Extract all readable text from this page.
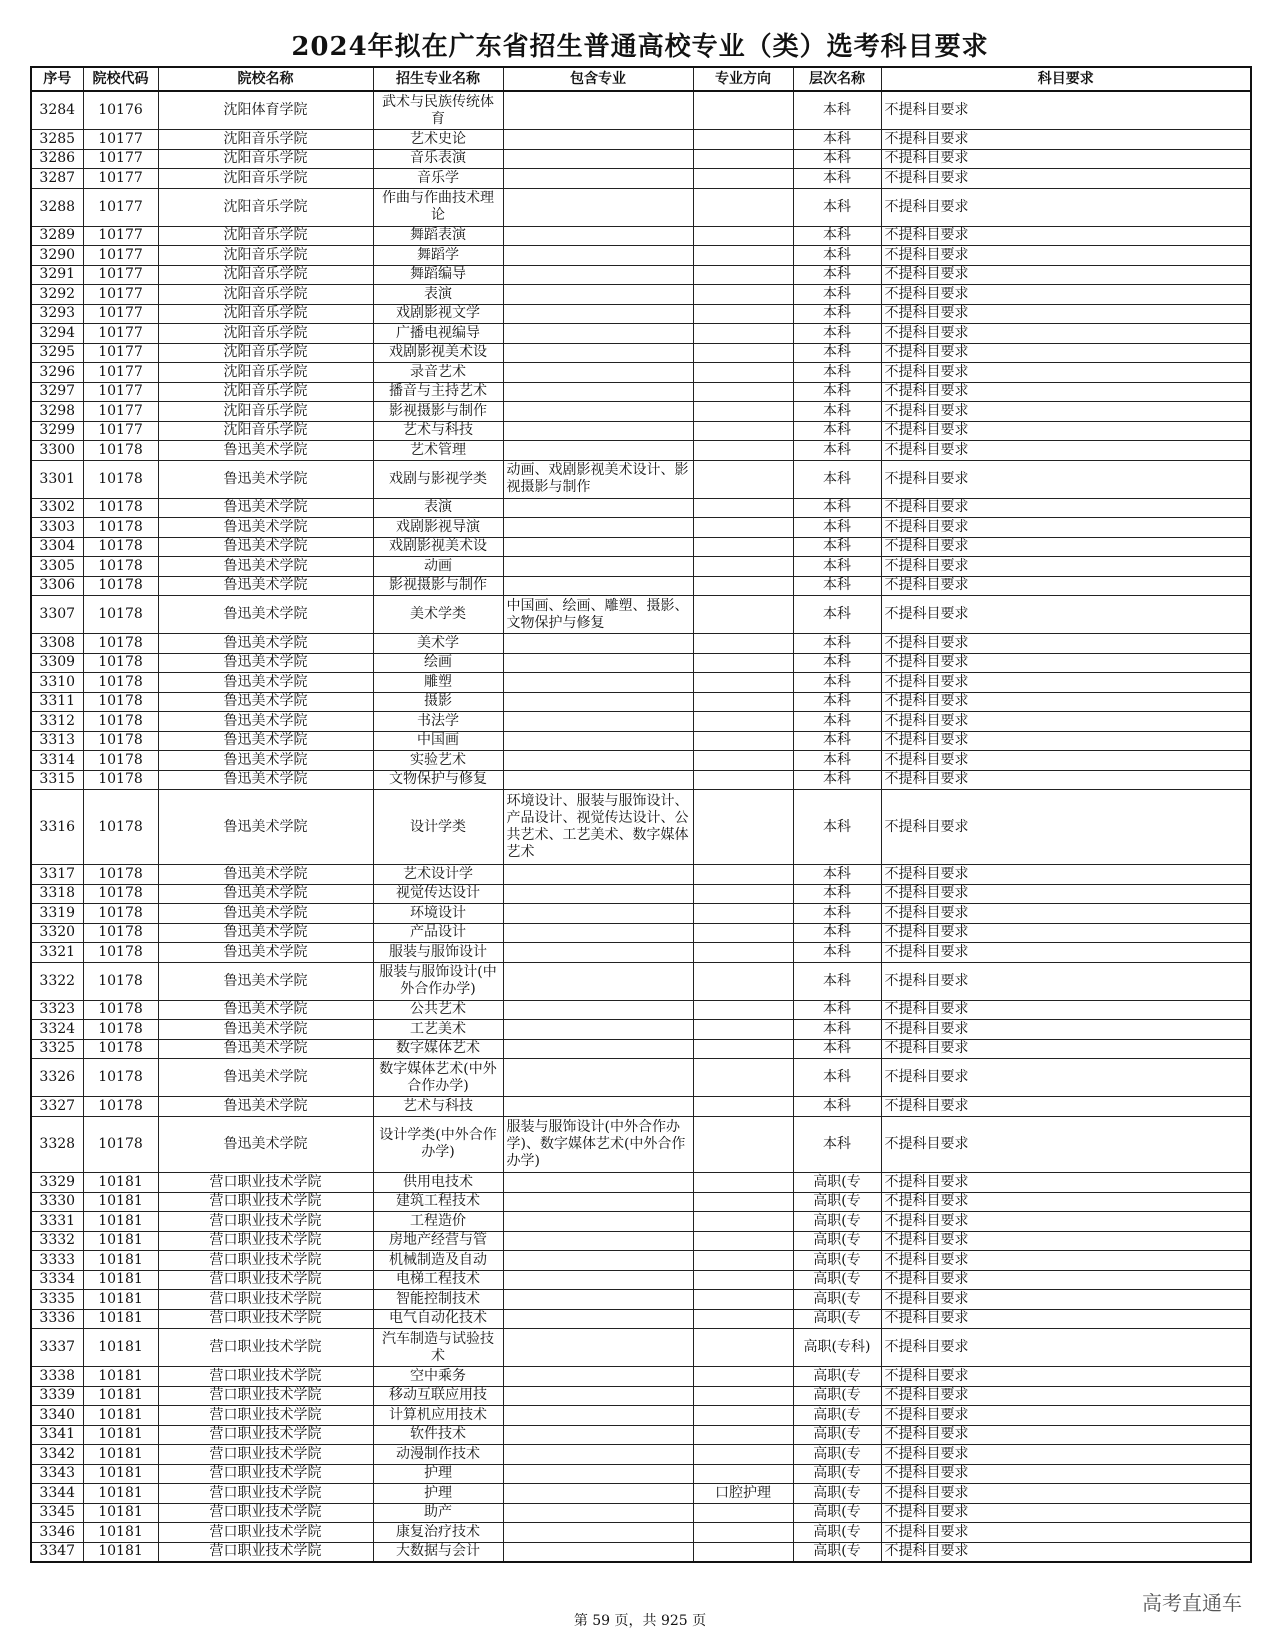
2024年拟在广东省招生普通高校专业（类）选考科目要求
序号	院校代码	院校名称	招生专业名称	包含专业	专业方向	层次名称	科目要求
3284	10176	沈阳体育学院	武术与民族传统体育			本科	不提科目要求
3285	10177	沈阳音乐学院	艺术史论			本科	不提科目要求
3286	10177	沈阳音乐学院	音乐表演			本科	不提科目要求
3287	10177	沈阳音乐学院	音乐学			本科	不提科目要求
3288	10177	沈阳音乐学院	作曲与作曲技术理论			本科	不提科目要求
3289	10177	沈阳音乐学院	舞蹈表演			本科	不提科目要求
3290	10177	沈阳音乐学院	舞蹈学			本科	不提科目要求
3291	10177	沈阳音乐学院	舞蹈编导			本科	不提科目要求
3292	10177	沈阳音乐学院	表演			本科	不提科目要求
3293	10177	沈阳音乐学院	戏剧影视文学			本科	不提科目要求
3294	10177	沈阳音乐学院	广播电视编导			本科	不提科目要求
3295	10177	沈阳音乐学院	戏剧影视美术设			本科	不提科目要求
3296	10177	沈阳音乐学院	录音艺术			本科	不提科目要求
3297	10177	沈阳音乐学院	播音与主持艺术			本科	不提科目要求
3298	10177	沈阳音乐学院	影视摄影与制作			本科	不提科目要求
3299	10177	沈阳音乐学院	艺术与科技			本科	不提科目要求
3300	10178	鲁迅美术学院	艺术管理			本科	不提科目要求
3301	10178	鲁迅美术学院	戏剧与影视学类	动画、戏剧影视美术设计、影视摄影与制作		本科	不提科目要求
3302	10178	鲁迅美术学院	表演			本科	不提科目要求
3303	10178	鲁迅美术学院	戏剧影视导演			本科	不提科目要求
3304	10178	鲁迅美术学院	戏剧影视美术设			本科	不提科目要求
3305	10178	鲁迅美术学院	动画			本科	不提科目要求
3306	10178	鲁迅美术学院	影视摄影与制作			本科	不提科目要求
3307	10178	鲁迅美术学院	美术学类	中国画、绘画、雕塑、摄影、文物保护与修复		本科	不提科目要求
3308	10178	鲁迅美术学院	美术学			本科	不提科目要求
3309	10178	鲁迅美术学院	绘画			本科	不提科目要求
3310	10178	鲁迅美术学院	雕塑			本科	不提科目要求
3311	10178	鲁迅美术学院	摄影			本科	不提科目要求
3312	10178	鲁迅美术学院	书法学			本科	不提科目要求
3313	10178	鲁迅美术学院	中国画			本科	不提科目要求
3314	10178	鲁迅美术学院	实验艺术			本科	不提科目要求
3315	10178	鲁迅美术学院	文物保护与修复			本科	不提科目要求
3316	10178	鲁迅美术学院	设计学类	环境设计、服装与服饰设计、产品设计、视觉传达设计、公共艺术、工艺美术、数字媒体艺术		本科	不提科目要求
3317	10178	鲁迅美术学院	艺术设计学			本科	不提科目要求
3318	10178	鲁迅美术学院	视觉传达设计			本科	不提科目要求
3319	10178	鲁迅美术学院	环境设计			本科	不提科目要求
3320	10178	鲁迅美术学院	产品设计			本科	不提科目要求
3321	10178	鲁迅美术学院	服装与服饰设计			本科	不提科目要求
3322	10178	鲁迅美术学院	服装与服饰设计(中外合作办学)			本科	不提科目要求
3323	10178	鲁迅美术学院	公共艺术			本科	不提科目要求
3324	10178	鲁迅美术学院	工艺美术			本科	不提科目要求
3325	10178	鲁迅美术学院	数字媒体艺术			本科	不提科目要求
3326	10178	鲁迅美术学院	数字媒体艺术(中外合作办学)			本科	不提科目要求
3327	10178	鲁迅美术学院	艺术与科技			本科	不提科目要求
3328	10178	鲁迅美术学院	设计学类(中外合作办学)	服装与服饰设计(中外合作办学)、数字媒体艺术(中外合作办学)		本科	不提科目要求
3329	10181	营口职业技术学院	供用电技术			高职(专	不提科目要求
3330	10181	营口职业技术学院	建筑工程技术			高职(专	不提科目要求
3331	10181	营口职业技术学院	工程造价			高职(专	不提科目要求
3332	10181	营口职业技术学院	房地产经营与管			高职(专	不提科目要求
3333	10181	营口职业技术学院	机械制造及自动			高职(专	不提科目要求
3334	10181	营口职业技术学院	电梯工程技术			高职(专	不提科目要求
3335	10181	营口职业技术学院	智能控制技术			高职(专	不提科目要求
3336	10181	营口职业技术学院	电气自动化技术			高职(专	不提科目要求
3337	10181	营口职业技术学院	汽车制造与试验技术			高职(专科)	不提科目要求
3338	10181	营口职业技术学院	空中乘务			高职(专	不提科目要求
3339	10181	营口职业技术学院	移动互联应用技			高职(专	不提科目要求
3340	10181	营口职业技术学院	计算机应用技术			高职(专	不提科目要求
3341	10181	营口职业技术学院	软件技术			高职(专	不提科目要求
3342	10181	营口职业技术学院	动漫制作技术			高职(专	不提科目要求
3343	10181	营口职业技术学院	护理			高职(专	不提科目要求
3344	10181	营口职业技术学院	护理		口腔护理	高职(专	不提科目要求
3345	10181	营口职业技术学院	助产			高职(专	不提科目要求
3346	10181	营口职业技术学院	康复治疗技术			高职(专	不提科目要求
3347	10181	营口职业技术学院	大数据与会计			高职(专	不提科目要求
第 59 页，共 925 页
高考直通车
